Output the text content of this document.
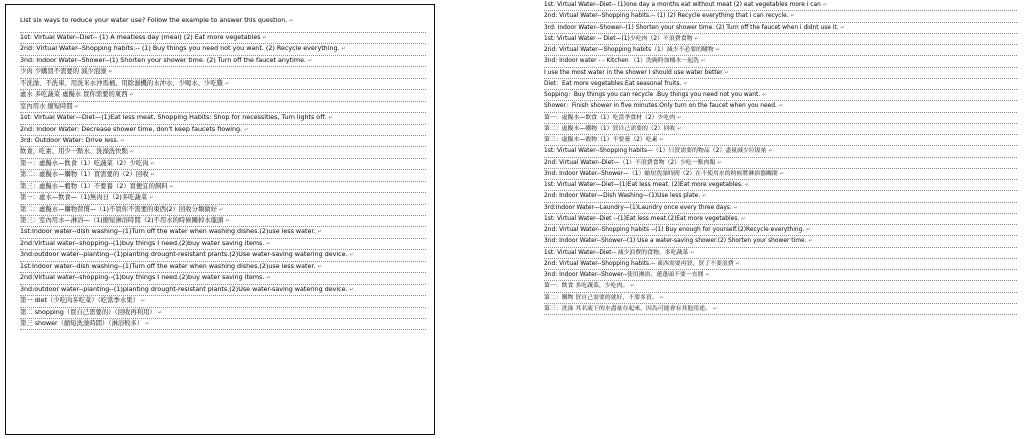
List six ways to reduce your water use? Follow the example to answer this question. ↵
1st: Virtual Water--Diet-- (1) A meatless day (meal) (2) Eat more vegetables ↵
2nd: Virtual Water--Shopping habits.-- (1) Buy things you need not you want. (2) Recycle everything. ↵
3nd: Indoor Water--Shower--(1) Shorten your shower time. (2) Turn off the faucet anytime. ↵
少肉 少購買不需要的 減少泡澡 ↵
不洗澡、不洗車、用洗米水沖馬桶、用除濕機的水沖水、少喝水、少吃雞 ↵
虛水 多吃蔬菜 虛擬水 買你需要的東西 ↵
室內用水 縮短時間 ↵
1st: Virtual Water—Diet—(1)Eat less meat, Shopping Habits: Shop for necessities, Turn lights off. ↵
2nd: Indoor Water: Decrease shower time, don't keep faucets flowing. ↵
3rd: Outdoor Water: Drive less. ↵
飲食，吃素、用少一點水、洗澡洗快點 ↵
第一：虛擬水—飲食（1）吃蔬菜（2）少吃肉 ↵
第二：虛擬水—購物（1）買需要的（2）回收 ↵
第三：虛擬水—穀物（1）不要養（2）買便宜的飼料 ↵
第一：虛水—飲食—（1)無肉日（2)多吃蔬菜 ↵
第二：虛擬水—購物習慣—（1)不買你不需要的東西(2）回收分類做好 ↵
第三：室內用水—淋浴—（1)縮短淋浴時間（2)不用水的時候關掉水龍頭 ↵
1st:Indoor water--dish washing--(1)Turn off the water when washing dishes.(2)use less water. ↵
2nd:Virtual water--shopping--(1)buy things I need.(2)buy water saving items. ↵
3nd:outdoor water--planting--(1)planting drought-resistant plants.(2)Use water-saving watering device. ↵
1st:Indoor water--dish washing--(1)Turn off the water when washing dishes.(2)use less water. ↵
2nd:Virtual water--shopping--(1)buy things I need.(2)buy water saving items. ↵
3nd:outdoor water--planting--(1)planting drought-resistant plants.(2)Use water-saving watering device. ↵
第一 diet（少吃肉多吃菜）（吃當季水果） ↵
第二 shopping（買自己需要的）（回收再利用） ↵
第三 shower（縮短洗澡時間）（淋浴較多） ↵
1st: Virtual Water--Diet-- (1)one day a months eat without meat (2) eat vegetables more i can ↵
2nd: Virtual Water--Shopping habits.-- (1) (2) Recycle everything that i can recycle. ↵
3rd: Indoor Water--Shower--(1) Shorten your shower time. (2) Turn off the faucet when i didnt use it. ↵
1st: Virtual Water -- Diet—(1)少吃肉（2）不浪費食物 ↵
2nd: Virtual Water—Shopping habits（1）減少不必要的購物 ↵
3nd: Indoor water - - Kitchen （1）洗碗時加桶水一起洗 ↵
I use the most water in the shower I should use water better ↵
Diet：Eat more vegetables.Eat seasonal fruits. ↵
Sopping：Buy things you can recycle .Buy things you need not you want. ↵
Shower：Finish shower in five minutes.Only turn on the faucet when you need. ↵
第一：虛擬水—飲食（1）吃當季食材（2）少吃肉 ↵
第二：虛擬水—購物（1）買自己需要的（2）回收 ↵
第三：虛擬水—穀物（1）不要養（2）吃素 ↵
1st: Virtual Water--Shopping habits—（1）只買需要的物品（2）盡量減少垃圾量 ↵
2nd: Virtual Water--Diet—（1）不浪費食物（2）少吃一點肉類 ↵
3nd: Indoor Water--Shower—（1）縮短洗澡時間（2）在不使用水的時候將淋浴器關閉 ↵
1st: Virtual Water—Diet—(1)Eat less meat. (2)Eat more vegetables. ↵
2nd: Indoor Water—Dish Washing—(1)Use less plate. ↵
3rd:Indoor Water—Laundry—(1)Laundry once every three days. ↵
1st: Virtual Water--Diet --(1)Eat less meat.(2)Eat more vegetables. ↵
2nd: Virtual Water--Shopping habits --(1) Buy enough for yourself.(2)Recycle everything. ↵
3nd: Indoor Water--Shower--(1) Use a water-saving shower.(2) Shorten your shower time. ↵
1st: Virtual Water--Diet-- 減少浪費的食物、多吃蔬菜 ↵
2nd: Virtual Water--Shopping habits.-- 東西需要再買，買了不要浪費 ↵
3nd: Indoor Water--Shower--使用淋浴、蓮蓬頭不要一直開 ↵
第一：飲食 多吃蔬菜，少吃肉。 ↵
第二：購物 買自己需要的就好，不要多買。 ↵
第三：洗澡 其名流下的水盡量存起來，因為可能會有其他用途。 ↵
